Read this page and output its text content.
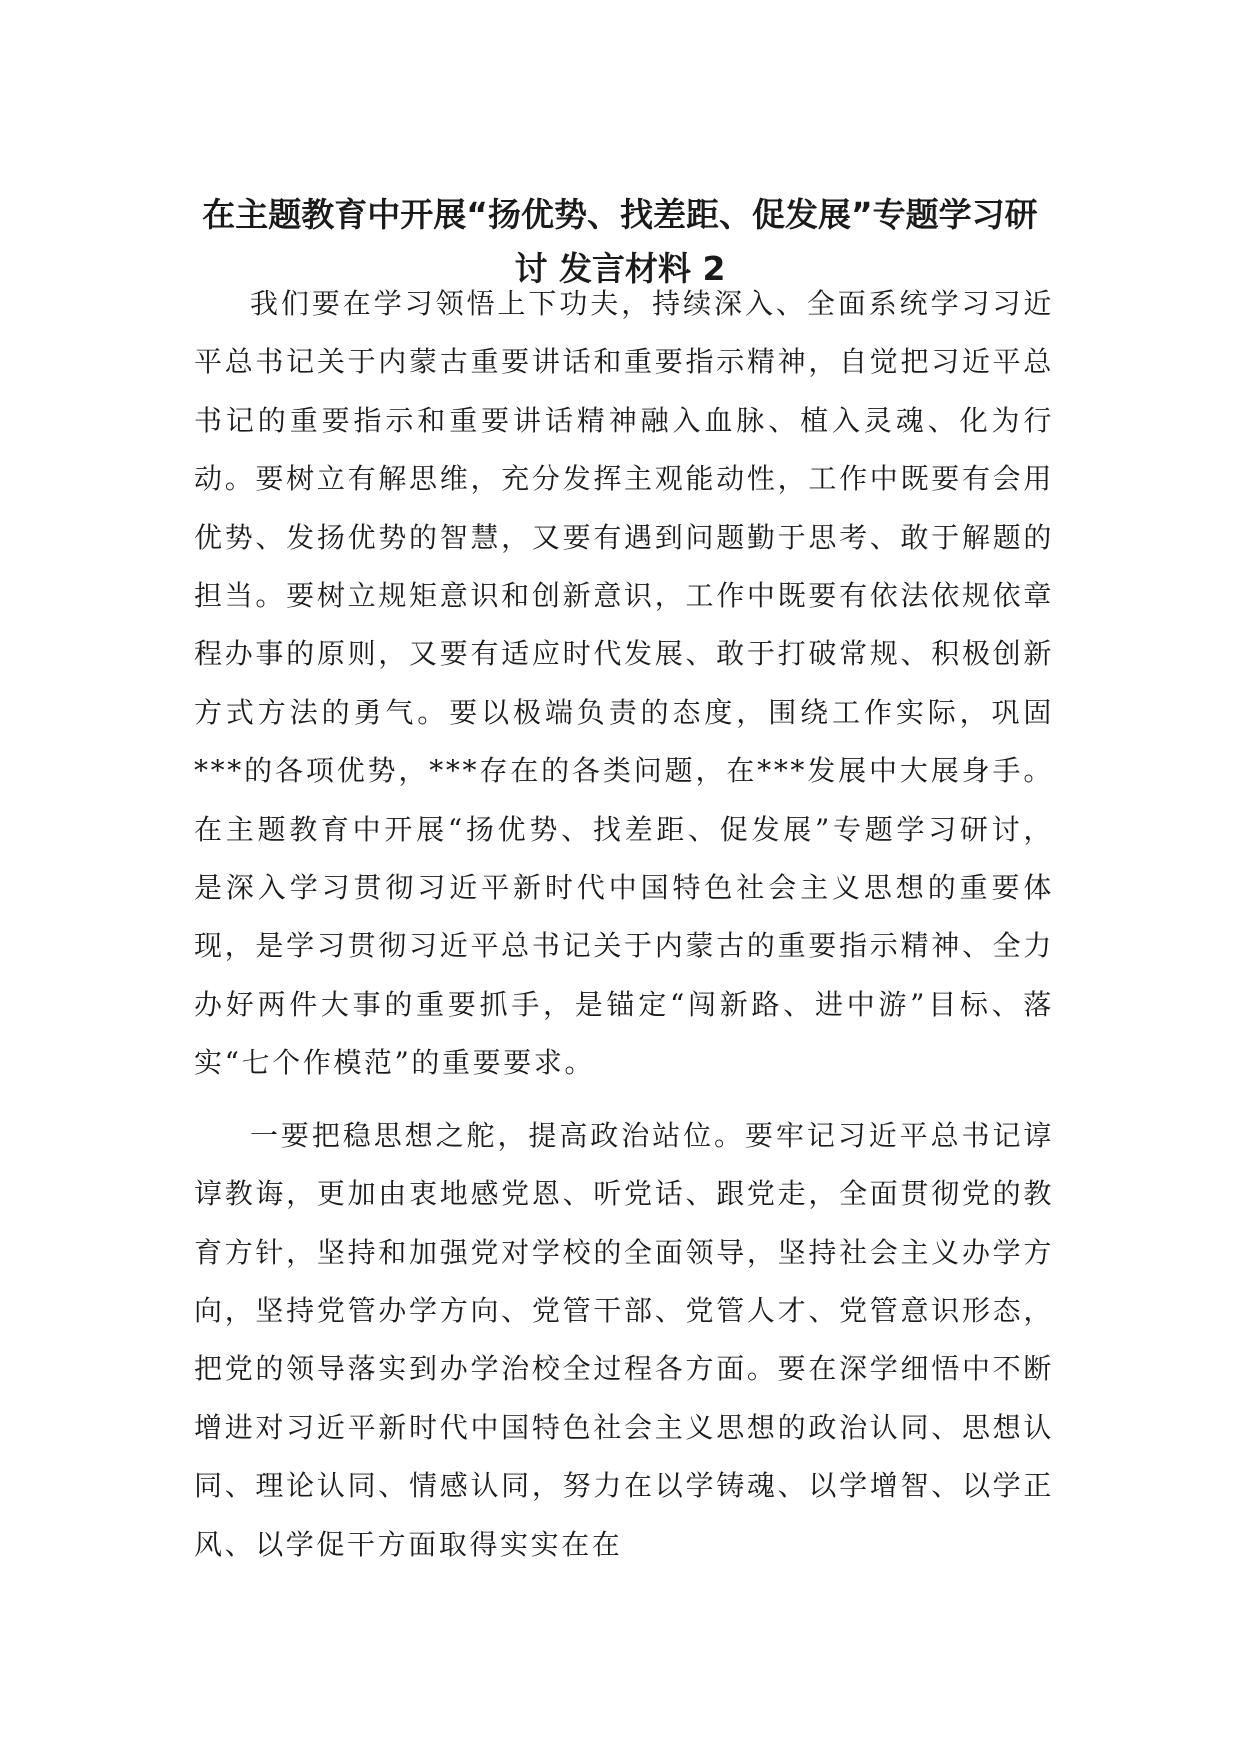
在主题教育中开展“扬优势、找差距、促发展”专题学习研
讨 发言材料 2

我们要在学习领悟上下功夫，持续深入、全面系统学习习近平总书记关于内蒙古重要讲话和重要指示精神，自觉把习近平总书记的重要指示和重要讲话精神融入血脉、植入灵魂、化为行动。要树立有解思维，充分发挥主观能动性，工作中既要有会用优势、发扬优势的智慧，又要有遇到问题勤于思考、敢于解题的担当。要树立规矩意识和创新意识，工作中既要有依法依规依章程办事的原则，又要有适应时代发展、敢于打破常规、积极创新方式方法的勇气。要以极端负责的态度，围绕工作实际，巩固***的各项优势，***存在的各类问题，在***发展中大展身手。在主题教育中开展“扬优势、找差距、促发展”专题学习研讨，是深入学习贯彻习近平新时代中国特色社会主义思想的重要体现，是学习贯彻习近平总书记关于内蒙古的重要指示精神、全力办好两件大事的重要抓手，是锚定“闯新路、进中游”目标、落实“七个作模范”的重要要求。

一要把稳思想之舵，提高政治站位。要牢记习近平总书记谆谆教诲，更加由衷地感党恩、听党话、跟党走，全面贯彻党的教育方针，坚持和加强党对学校的全面领导，坚持社会主义办学方向，坚持党管办学方向、党管干部、党管人才、党管意识形态，把党的领导落实到办学治校全过程各方面。要在深学细悟中不断增进对习近平新时代中国特色社会主义思想的政治认同、思想认同、理论认同、情感认同，努力在以学铸魂、以学增智、以学正风、以学促干方面取得实实在在
